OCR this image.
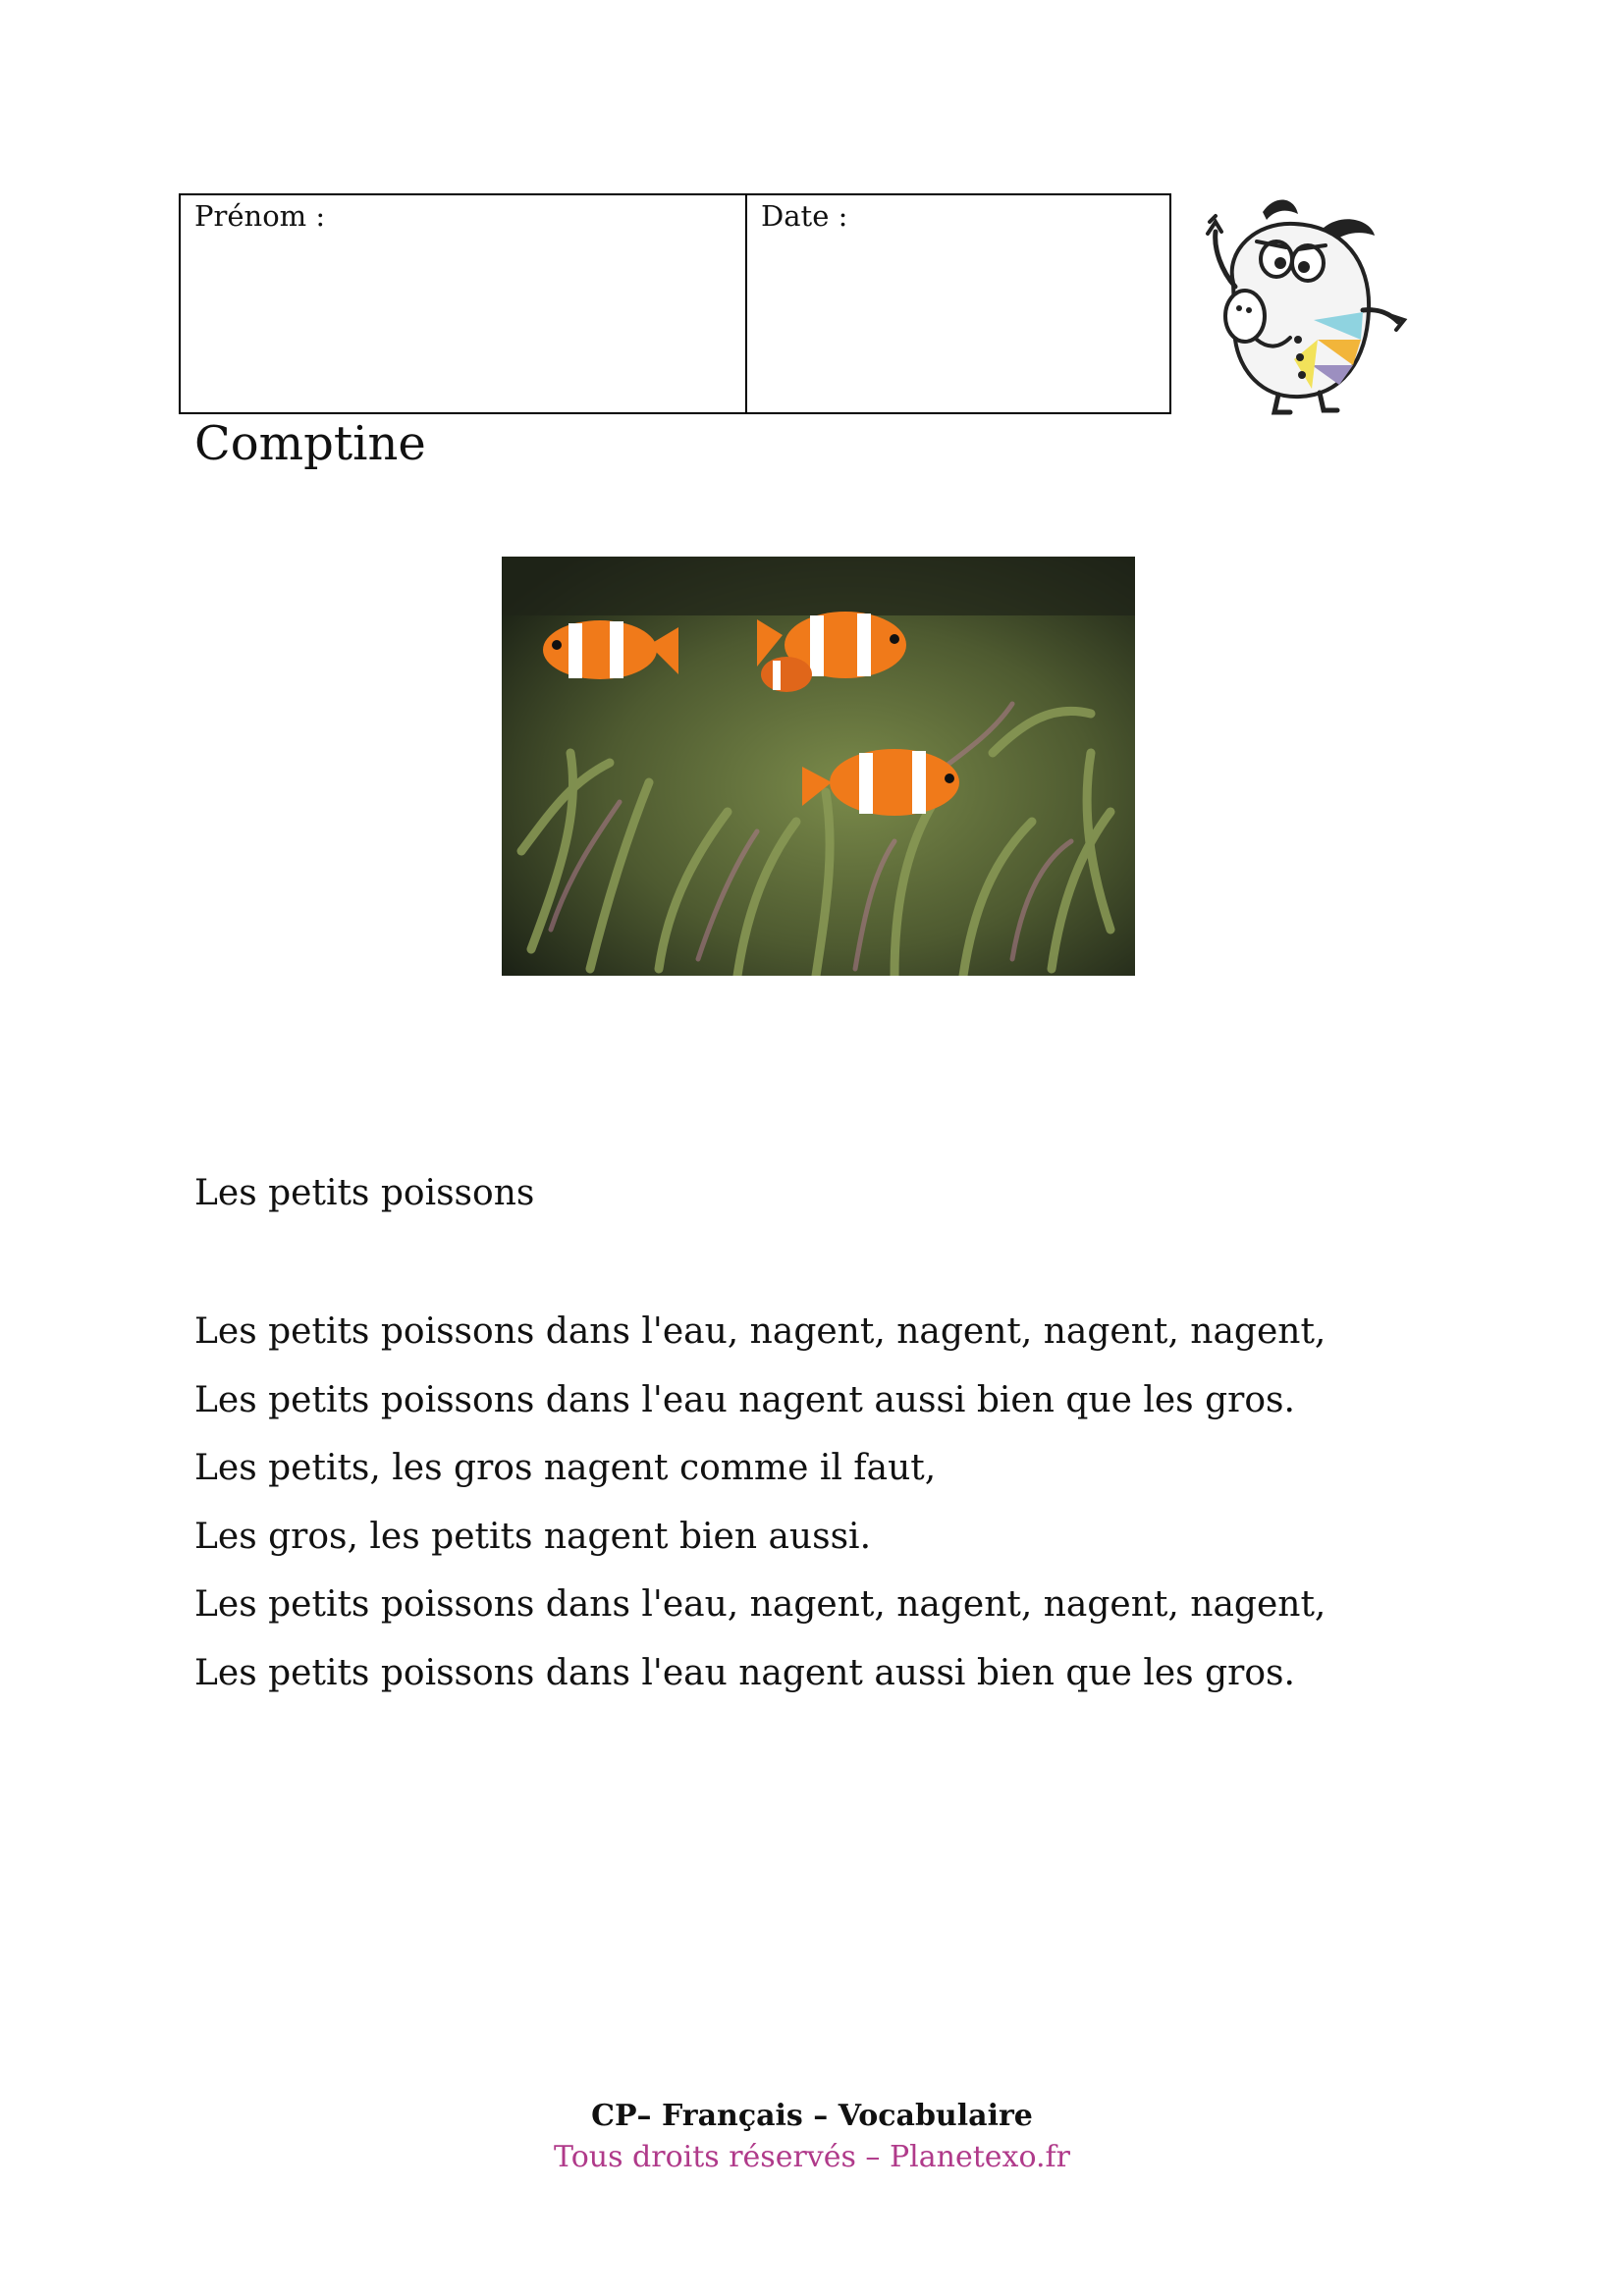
Prénom :	Date :
Comptine

Les petits poissons

Les petits poissons dans l'eau, nagent, nagent, nagent, nagent,
Les petits poissons dans l'eau nagent aussi bien que les gros.
Les petits, les gros nagent comme il faut,
Les gros, les petits nagent bien aussi.
Les petits poissons dans l'eau, nagent, nagent, nagent, nagent,
Les petits poissons dans l'eau nagent aussi bien que les gros.

CP– Français – Vocabulaire

Tous droits réservés – Planetexo.fr
